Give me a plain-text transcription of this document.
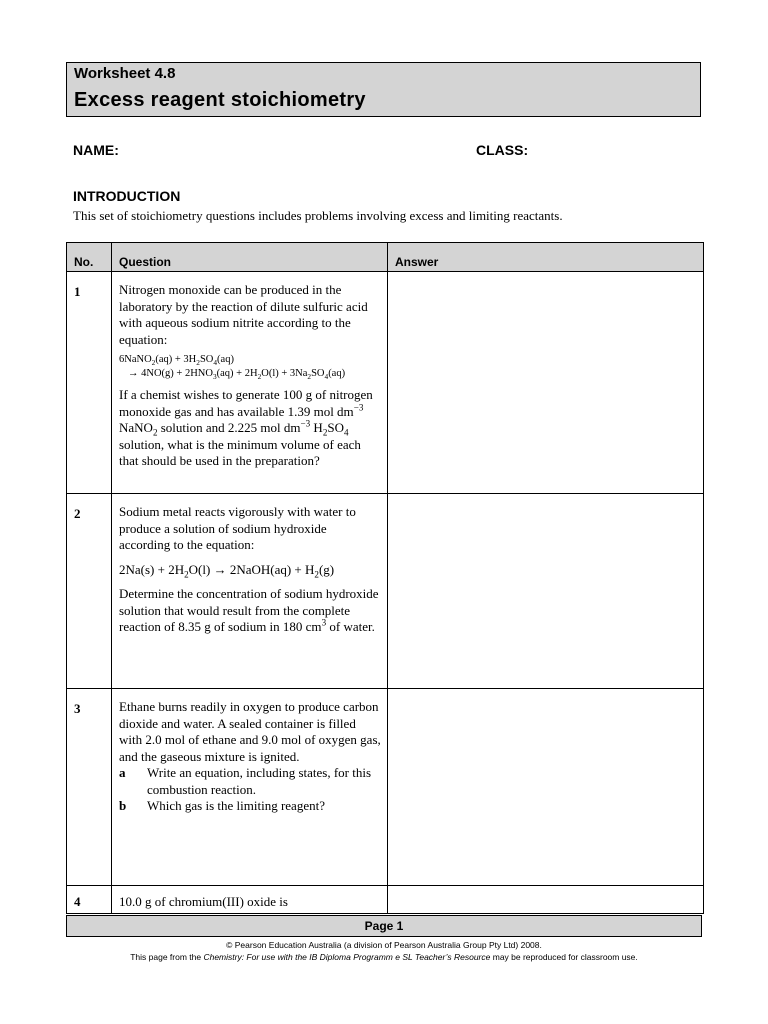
Worksheet 4.8
Excess reagent stoichiometry
NAME:	CLASS:
INTRODUCTION
This set of stoichiometry questions includes problems involving excess and limiting reactants.
No.	Question	Answer
1	Nitrogen monoxide can be produced in the laboratory by the reaction of dilute sulfuric acid with aqueous sodium nitrite according to the equation:

6NaNO$_2$(aq) + $3H_2SO_4(aq)$
→ $4NO(g) + 2HNO_3(aq) + 2H_2O(l) + 3Na_2SO_4(aq)$

If a chemist wishes to generate 100 g of nitrogen monoxide gas and has available 1.39 mol $dm^{-3}$ NaNO$_2$ solution and 2.225 mol $dm^{-3}$ $H_2SO_4$ solution, what is the minimum volume of each that should be used in the preparation?	

2	Sodium metal reacts vigorously with water to produce a solution of sodium hydroxide according to the equation:

$2Na(s) + 2H_2O(l)$ → 2NaOH(aq) + $H_2(g)$

Determine the concentration of sodium hydroxide solution that would result from the complete reaction of 8.35 g of sodium in 180 $cm^3$ of water.	

3	Ethane burns readily in oxygen to produce carbon dioxide and water. A sealed container is filled with 2.0 mol of ethane and 9.0 mol of oxygen gas, and the gaseous mixture is ignited.

a Write an equation, including states, for this combustion reaction.
b Which gas is the limiting reagent?	

4	10.0 g of chromium(III) oxide is	

Page 1
© Pearson Education Australia (a division of Pearson Australia Group Pty Ltd) 2008.
This page from the Chemistry: For use with the IB Diploma Programm e SL Teacher’s Resource may be reproduced for classroom use.
